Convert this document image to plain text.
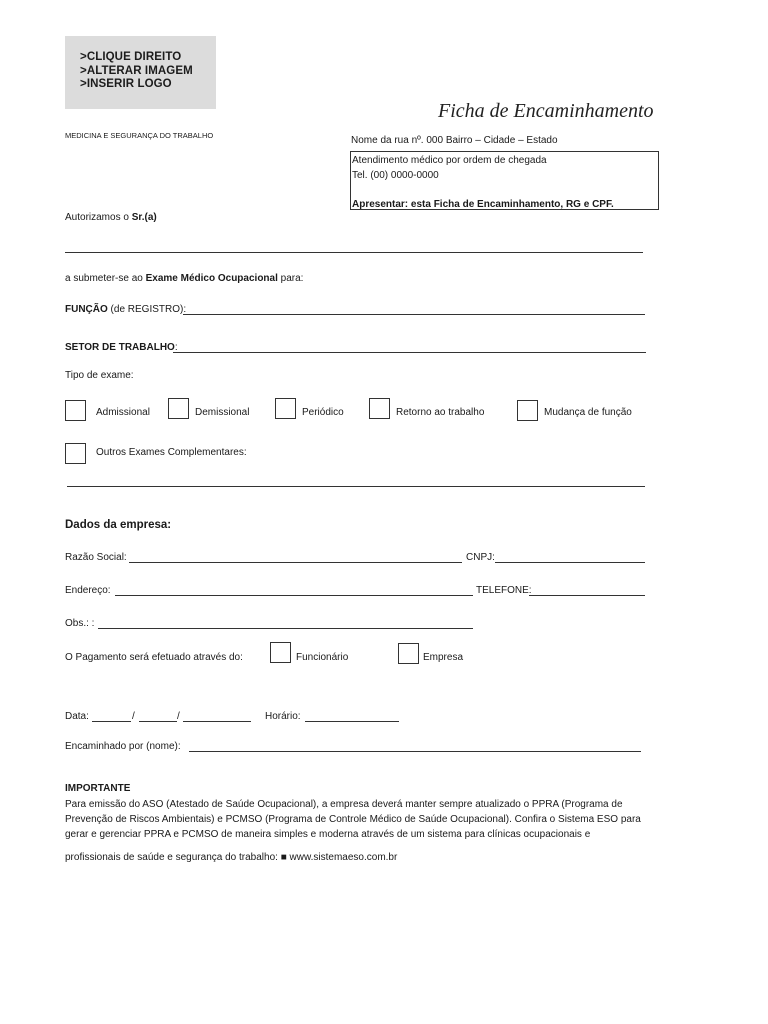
>CLIQUE DIREITO
>ALTERAR IMAGEM
>INSERIR LOGO
MEDICINA E SEGURANÇA DO TRABALHO
Ficha de Encaminhamento
Nome da rua nº. 000 Bairro – Cidade – Estado
Atendimento médico por ordem de chegada
Tel. (00) 0000-0000
Apresentar: esta Ficha de Encaminhamento, RG e CPF.
Autorizamos o Sr.(a)
a submeter-se ao Exame Médico Ocupacional para:
FUNÇÃO (de REGISTRO):
SETOR DE TRABALHO:
Tipo de exame:
Admissional	Demissional	Periódico	Retorno ao trabalho	Mudança de função
Outros Exames Complementares:
Dados da empresa:
Razão Social:	CNPJ:
Endereço:	TELEFONE:
Obs.: :
O Pagamento será efetuado através do:	Funcionário	Empresa
Data:	/	/	Horário:
Encaminhado por (nome):
IMPORTANTE
Para emissão do ASO (Atestado de Saúde Ocupacional), a empresa deverá manter sempre atualizado o PPRA (Programa de
Prevenção de Riscos Ambientais) e PCMSO (Programa de Controle Médico de Saúde Ocupacional). Confira o Sistema ESO para
gerar e gerenciar PPRA e PCMSO de maneira simples e moderna através de um sistema para clínicas ocupacionais e
profissionais de saúde e segurança do trabalho: ■ www.sistemaeso.com.br
